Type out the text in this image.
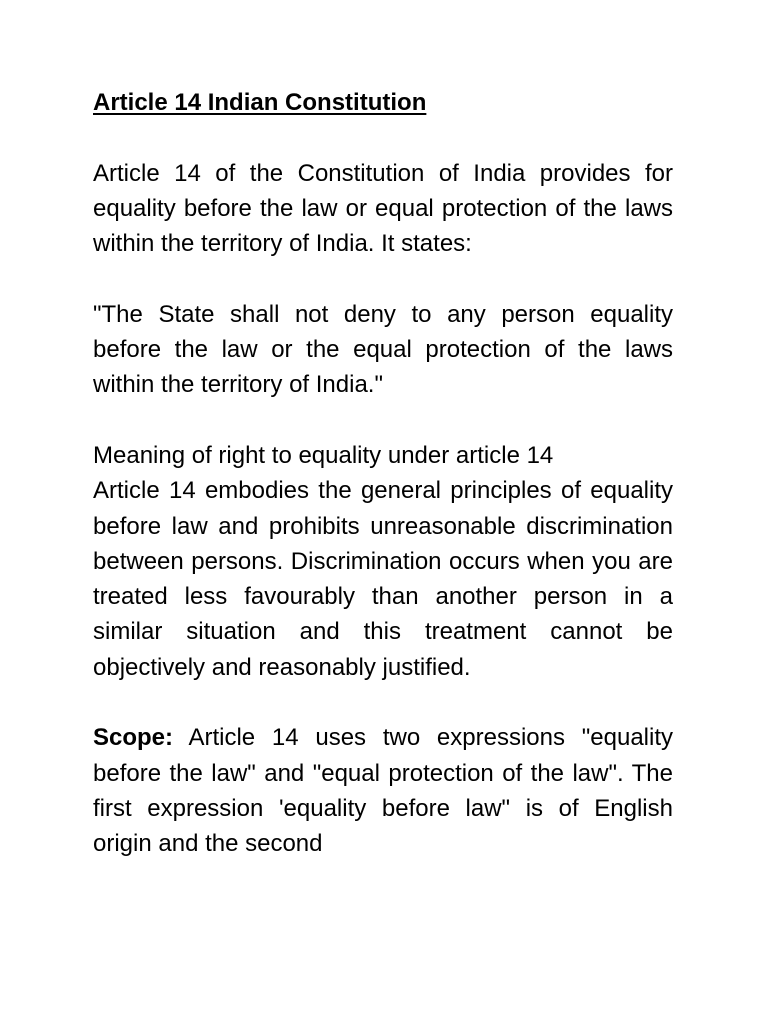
Article 14 Indian Constitution

Article 14 of the Constitution of India provides for equality before the law or equal protection of the laws within the territory of India. It states:

"The State shall not deny to any person equality before the law or the equal protection of the laws within the territory of India."

Meaning of right to equality under article 14
Article 14 embodies the general principles of equality before law and prohibits unreasonable discrimination between persons. Discrimination occurs when you are treated less favourably than another person in a similar situation and this treatment cannot be objectively and reasonably justified.

Scope: Article 14 uses two expressions "equality before the law" and "equal protection of the law". The first expression 'equality before law" is of English origin and the second
